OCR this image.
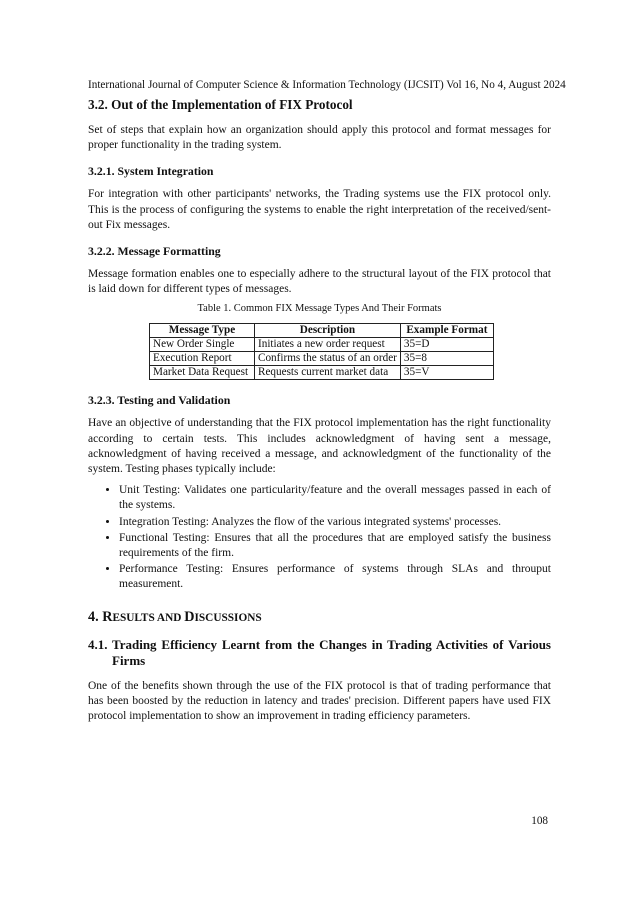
International Journal of Computer Science & Information Technology (IJCSIT) Vol 16, No 4, August 2024
3.2. Out of the Implementation of FIX Protocol

Set of steps that explain how an organization should apply this protocol and format messages for proper functionality in the trading system.

3.2.1. System Integration

For integration with other participants' networks, the Trading systems use the FIX protocol only. This is the process of configuring the systems to enable the right interpretation of the received/sent-out Fix messages.

3.2.2. Message Formatting

Message formation enables one to especially adhere to the structural layout of the FIX protocol that is laid down for different types of messages.

Table 1. Common FIX Message Types And Their Formats
Message Type	Description	Example Format
New Order Single	Initiates a new order request	35=D
Execution Report	Confirms the status of an order	35=8
Market Data Request	Requests current market data	35=V
3.2.3. Testing and Validation

Have an objective of understanding that the FIX protocol implementation has the right functionality according to certain tests. This includes acknowledgment of having sent a message, acknowledgment of having received a message, and acknowledgment of the functionality of the system. Testing phases typically include:

• Unit Testing: Validates one particularity/feature and the overall messages passed in each of the systems.
• Integration Testing: Analyzes the flow of the various integrated systems' processes.
• Functional Testing: Ensures that all the procedures that are employed satisfy the business requirements of the firm.
• Performance Testing: Ensures performance of systems through SLAs and throuput measurement.
4. RESULTS AND DISCUSSIONS
4.1. Trading Efficiency Learnt from the Changes in Trading Activities of Various Firms

One of the benefits shown through the use of the FIX protocol is that of trading performance that has been boosted by the reduction in latency and trades' precision. Different papers have used FIX protocol implementation to show an improvement in trading efficiency parameters.

108
